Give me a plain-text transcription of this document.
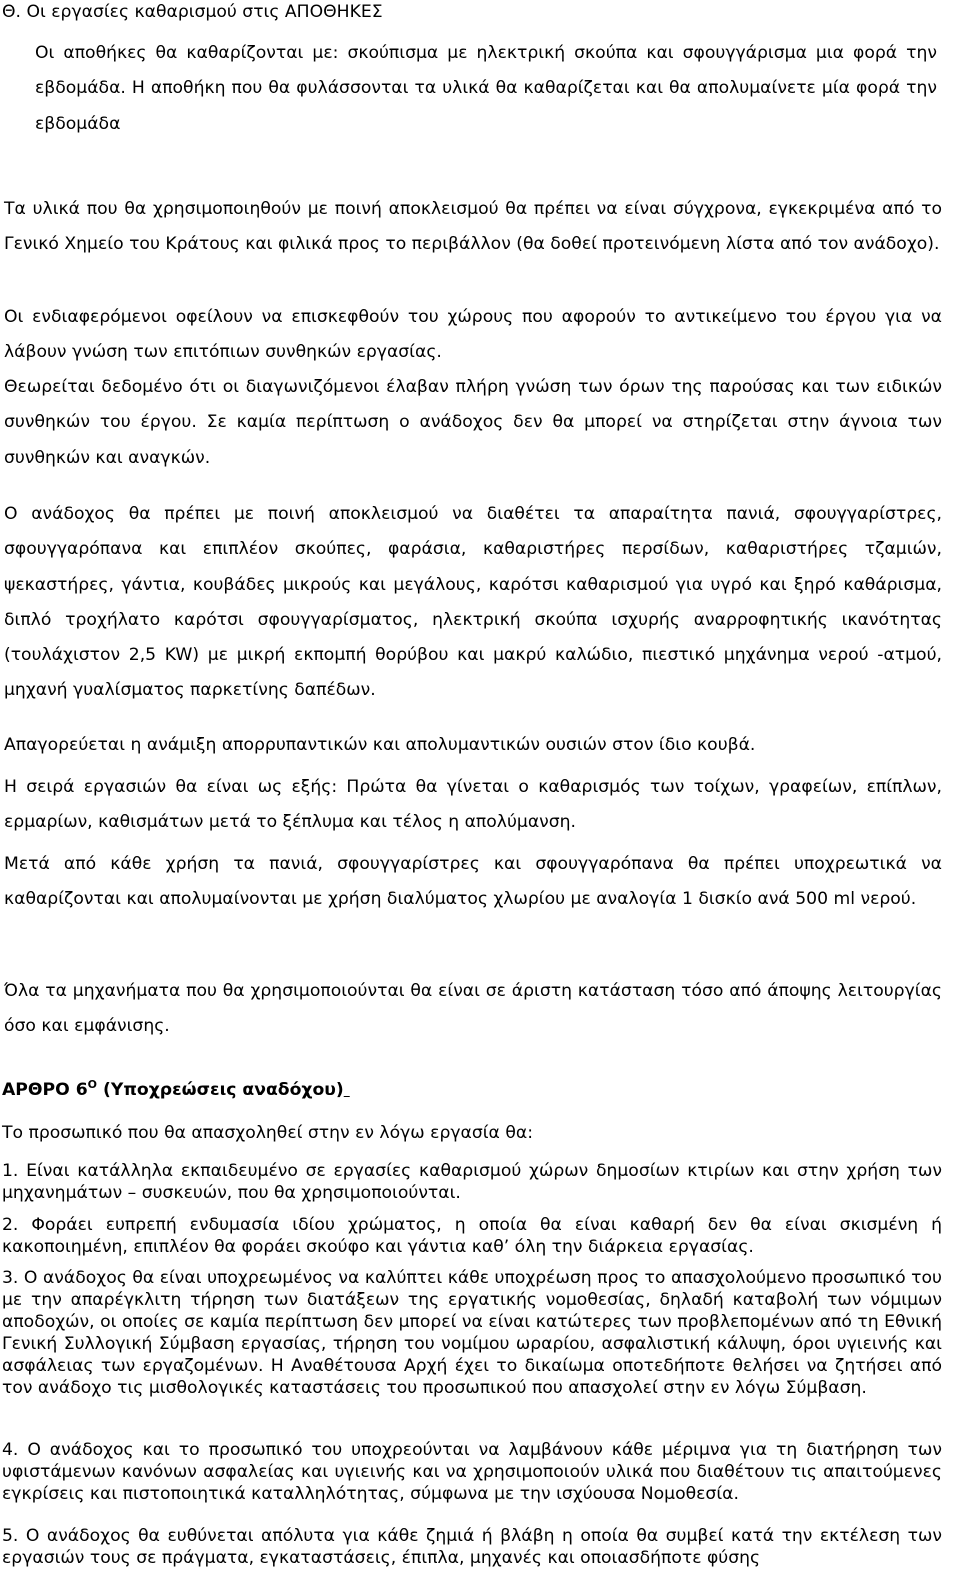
Θ. Οι εργασίες καθαρισμού στις ΑΠΟΘΗΚΕΣ

Οι αποθήκες θα καθαρίζονται με: σκούπισμα με ηλεκτρική σκούπα και σφουγγάρισμα μια φορά την εβδομάδα. Η αποθήκη που θα φυλάσσονται τα υλικά θα καθαρίζεται και θα απολυμαίνετε μία φορά την εβδομάδα

Τα υλικά που θα χρησιμοποιηθούν με ποινή αποκλεισμού θα πρέπει να είναι σύγχρονα, εγκεκριμένα από το Γενικό Χημείο του Κράτους και φιλικά προς το περιβάλλον (θα δοθεί προτεινόμενη λίστα από τον ανάδοχο).

Οι ενδιαφερόμενοι οφείλουν να επισκεφθούν του χώρους που αφορούν το αντικείμενο του έργου για να λάβουν γνώση των επιτόπιων συνθηκών εργασίας.

Θεωρείται δεδομένο ότι οι διαγωνιζόμενοι έλαβαν πλήρη γνώση των όρων της παρούσας και των ειδικών συνθηκών του έργου. Σε καμία περίπτωση ο ανάδοχος δεν θα μπορεί να στηρίζεται στην άγνοια των συνθηκών και αναγκών.

Ο ανάδοχος θα πρέπει με ποινή αποκλεισμού να διαθέτει τα απαραίτητα πανιά, σφουγγαρίστρες, σφουγγαρόπανα και επιπλέον σκούπες, φαράσια, καθαριστήρες περσίδων, καθαριστήρες τζαμιών, ψεκαστήρες, γάντια, κουβάδες μικρούς και μεγάλους, καρότσι καθαρισμού για υγρό και ξηρό καθάρισμα, διπλό τροχήλατο καρότσι σφουγγαρίσματος, ηλεκτρική σκούπα ισχυρής αναρροφητικής ικανότητας (τουλάχιστον 2,5 KW) με μικρή εκπομπή θορύβου και μακρύ καλώδιο, πιεστικό μηχάνημα νερού -ατμού, μηχανή γυαλίσματος παρκετίνης δαπέδων.

Απαγορεύεται η ανάμιξη απορρυπαντικών και απολυμαντικών ουσιών στον ίδιο κουβά.

Η σειρά εργασιών θα είναι ως εξής: Πρώτα θα γίνεται ο καθαρισμός των τοίχων, γραφείων, επίπλων, ερμαρίων, καθισμάτων μετά το ξέπλυμα και τέλος η απολύμανση.

Μετά από κάθε χρήση τα πανιά, σφουγγαρίστρες και σφουγγαρόπανα θα πρέπει υποχρεωτικά να καθαρίζονται και απολυμαίνονται με χρήση διαλύματος χλωρίου με αναλογία 1 δισκίο ανά 500 ml νερού.

Όλα τα μηχανήματα που θα χρησιμοποιούνται θα είναι σε άριστη κατάσταση τόσο από άποψης λειτουργίας όσο και εμφάνισης.

ΑΡΘΡΟ $6^O$ (Υποχρεώσεις αναδόχου)
Το προσωπικό που θα απασχοληθεί στην εν λόγω εργασία θα:

1. Είναι κατάλληλα εκπαιδευμένο σε εργασίες καθαρισμού χώρων δημοσίων κτιρίων και στην χρήση των μηχανημάτων – συσκευών, που θα χρησιμοποιούνται.

2. Φοράει ευπρεπή ενδυμασία ιδίου χρώματος, η οποία θα είναι καθαρή δεν θα είναι σκισμένη ή κακοποιημένη, επιπλέον θα φοράει σκούφο και γάντια καθ’ όλη την διάρκεια εργασίας.

3. Ο ανάδοχος θα είναι υποχρεωμένος να καλύπτει κάθε υποχρέωση προς το απασχολούμενο προσωπικό του με την απαρέγκλιτη τήρηση των διατάξεων της εργατικής νομοθεσίας, δηλαδή καταβολή των νόμιμων αποδοχών, οι οποίες σε καμία περίπτωση δεν μπορεί να είναι κατώτερες των προβλεπομένων από τη Εθνική Γενική Συλλογική Σύμβαση εργασίας, τήρηση του νομίμου ωραρίου, ασφαλιστική κάλυψη, όροι υγιεινής και ασφάλειας των εργαζομένων. Η Αναθέτουσα Αρχή έχει το δικαίωμα οποτεδήποτε θελήσει να ζητήσει από τον ανάδοχο τις μισθολογικές καταστάσεις του προσωπικού που απασχολεί στην εν λόγω Σύμβαση.

4. Ο ανάδοχος και το προσωπικό του υποχρεούνται να λαμβάνουν κάθε μέριμνα για τη διατήρηση των υφιστάμενων κανόνων ασφαλείας και υγιεινής και να χρησιμοποιούν υλικά που διαθέτουν τις απαιτούμενες εγκρίσεις και πιστοποιητικά καταλληλότητας, σύμφωνα με την ισχύουσα Νομοθεσία.

5. Ο ανάδοχος θα ευθύνεται απόλυτα για κάθε ζημιά ή βλάβη η οποία θα συμβεί κατά την εκτέλεση των εργασιών τους σε πράγματα, εγκαταστάσεις, έπιπλα, μηχανές και οποιασδήποτε φύσης
